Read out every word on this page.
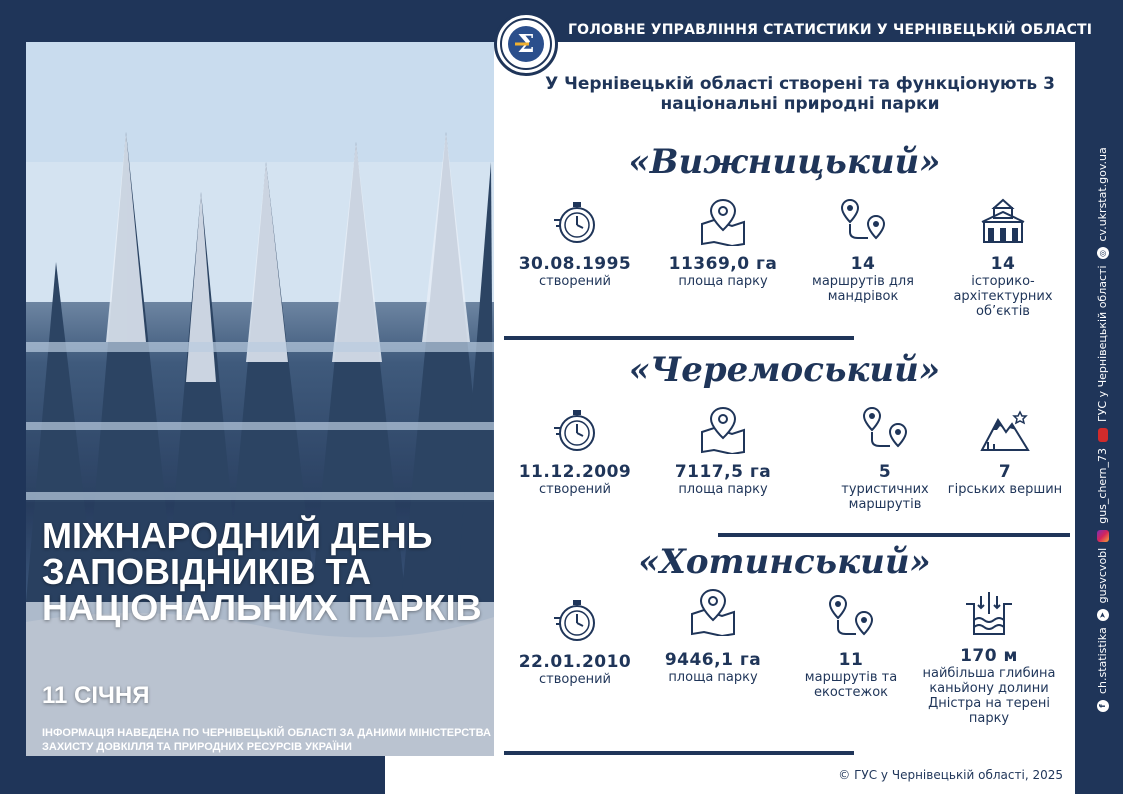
ГОЛОВНЕ УПРАВЛІННЯ СТАТИСТИКИ У ЧЕРНІВЕЦЬКІЙ ОБЛАСТІ
Σ
МІЖНАРОДНИЙ ДЕНЬ ЗАПОВІДНИКІВ ТА НАЦІОНАЛЬНИХ ПАРКІВ
11 СІЧНЯ
ІНФОРМАЦІЯ НАВЕДЕНА ПО ЧЕРНІВЕЦЬКІЙ ОБЛАСТІ ЗА ДАНИМИ МІНІСТЕРСТВА ЗАХИСТУ ДОВКІЛЛЯ ТА ПРИРОДНИХ РЕСУРСІВ УКРАЇНИ
У Чернівецькій області створені та функціонують 3 національні природні парки
«Вижницький»
30.08.1995
створений
11369,0 га
площа парку
14
маршрутів для мандрівок
14
історико-архітектурних об’єктів
«Черемоський»
11.12.2009
створений
7117,5 га
площа парку
5
туристичних маршрутів
7
гірських вершин
«Хотинський»
22.01.2010
створений
9446,1 га
площа парку
11
маршрутів та екостежок
170 м
найбільша глибина каньйону долини Дністра на терені парку
© ГУС у Чернівецькій області, 2025
f
ch.statistika
➤
gusvcvobl
gus_chern_73
ГУС у Чернівецькій області
◎
cv.ukrstat.gov.ua
